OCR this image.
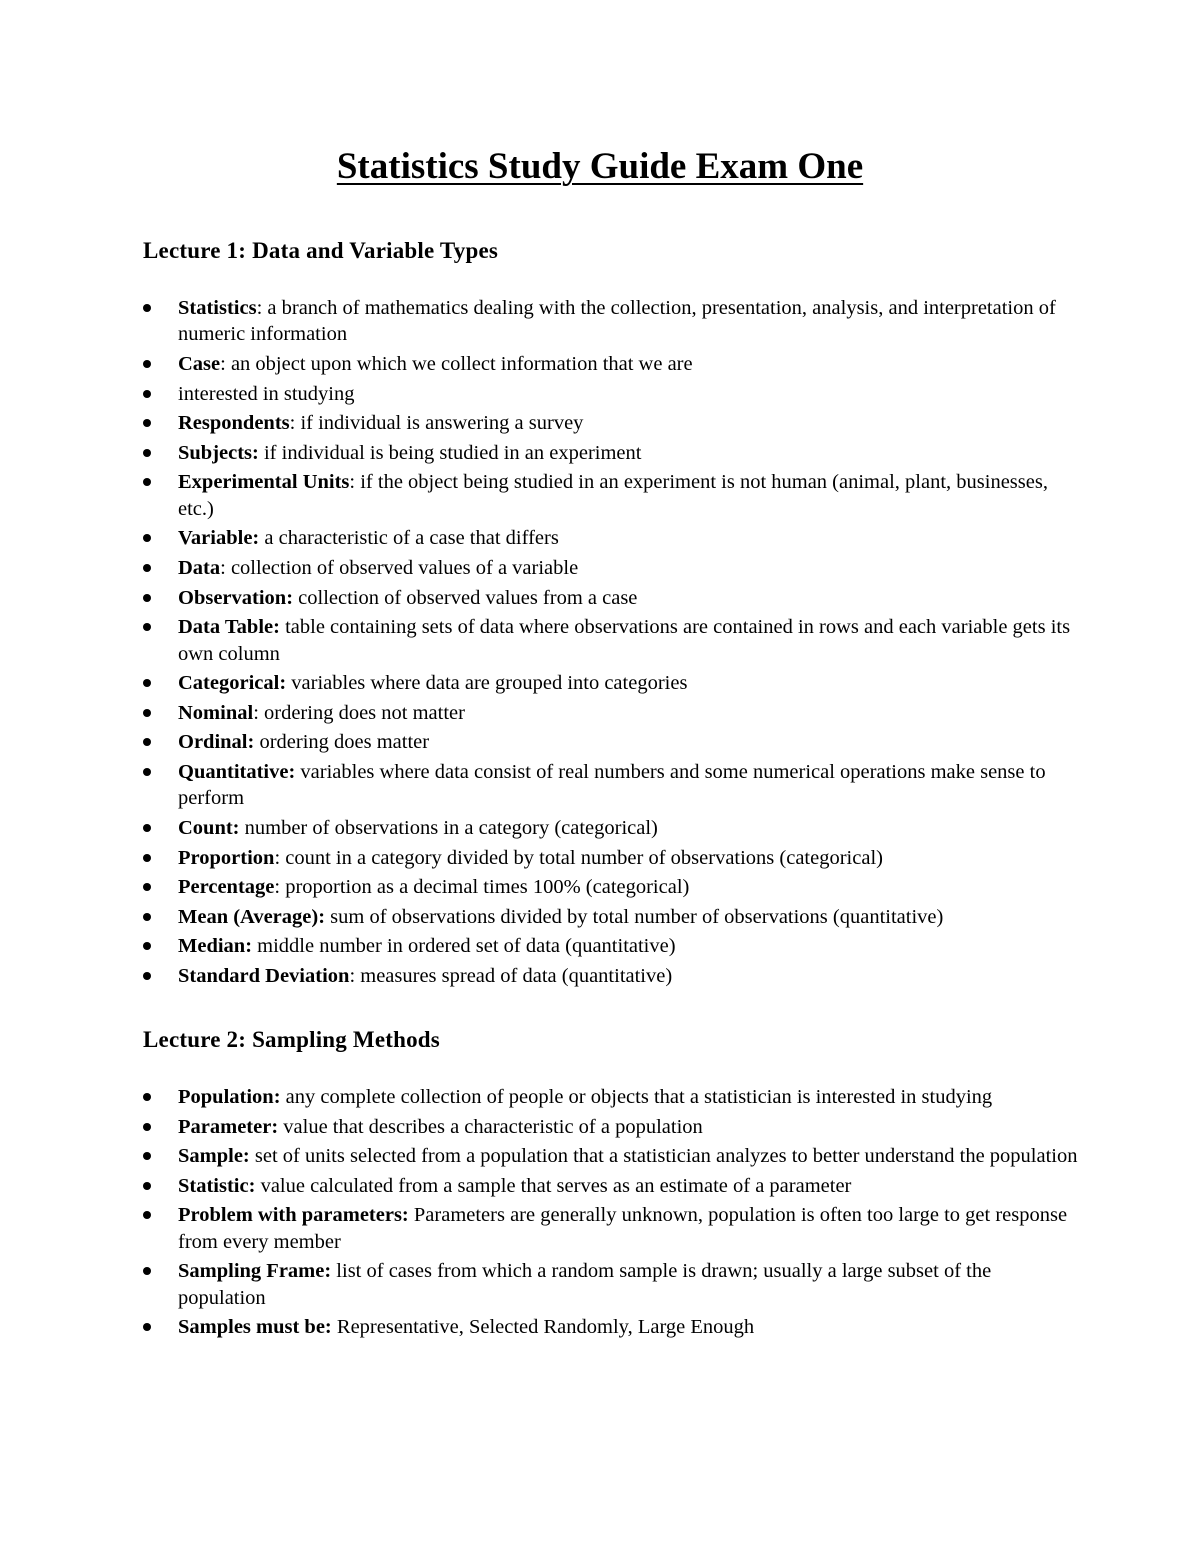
Statistics Study Guide Exam One
Lecture 1: Data and Variable Types
Statistics: a branch of mathematics dealing with the collection, presentation, analysis, and interpretation of numeric information
Case: an object upon which we collect information that we are
interested in studying
Respondents: if individual is answering a survey
Subjects: if individual is being studied in an experiment
Experimental Units: if the object being studied in an experiment is not human (animal, plant, businesses, etc.)
Variable: a characteristic of a case that differs
Data: collection of observed values of a variable
Observation: collection of observed values from a case
Data Table: table containing sets of data where observations are contained in rows and each variable gets its own column
Categorical: variables where data are grouped into categories
Nominal: ordering does not matter
Ordinal: ordering does matter
Quantitative: variables where data consist of real numbers and some numerical operations make sense to perform
Count: number of observations in a category (categorical)
Proportion: count in a category divided by total number of observations (categorical)
Percentage: proportion as a decimal times 100% (categorical)
Mean (Average): sum of observations divided by total number of observations (quantitative)
Median: middle number in ordered set of data (quantitative)
Standard Deviation: measures spread of data (quantitative)
Lecture 2: Sampling Methods
Population: any complete collection of people or objects that a statistician is interested in studying
Parameter: value that describes a characteristic of a population
Sample: set of units selected from a population that a statistician analyzes to better understand the population
Statistic: value calculated from a sample that serves as an estimate of a parameter
Problem with parameters: Parameters are generally unknown, population is often too large to get response from every member
Sampling Frame: list of cases from which a random sample is drawn; usually a large subset of the population
Samples must be: Representative, Selected Randomly, Large Enough
